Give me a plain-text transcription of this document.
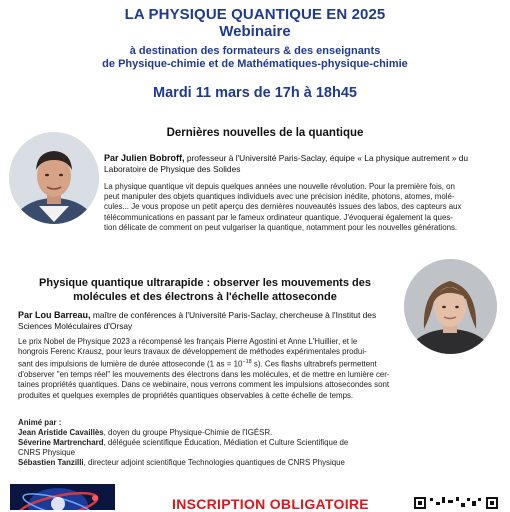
LA PHYSIQUE QUANTIQUE EN 2025
Webinaire
à destination des formateurs & des enseignants
de Physique-chimie et de Mathématiques-physique-chimie
Mardi 11 mars de 17h à 18h45
Dernières nouvelles de la quantique
Par Julien Bobroff, professeur à l'Université Paris-Saclay, équipe « La physique autrement » du
Laboratoire de Physique des Solides
La physique quantique vit depuis quelques années une nouvelle révolution. Pour la première fois, on
peut manipuler des objets quantiques individuels avec une précision inédite, photons, atomes, molé-
cules... Je vous propose un petit aperçu des dernières nouveautés issues des labos, des capteurs aux
télécommunications en passant par le fameux ordinateur quantique. J'évoquerai également la ques-
tion délicate de comment on peut vulgariser la quantique, notamment pour les nouvelles générations.
Physique quantique ultrarapide : observer les mouvements des
molécules et des électrons à l'échelle attoseconde
Par Lou Barreau, maître de conférences à l'Université Paris-Saclay, chercheuse à l'Institut des
Sciences Moléculaires d'Orsay
Le prix Nobel de Physique 2023 a récompensé les français Pierre Agostini et Anne L'Huillier, et le
hongrois Ferenc Krausz, pour leurs travaux de développement de méthodes expérimentales produi-
sant des impulsions de lumière de durée attoseconde (1 as = $10^{-18}$ s). Ces flashs ultrabrefs permettent
d'observer "en temps réel" les mouvements des électrons dans les molécules, et de mettre en lumière cer-
taines propriétés quantiques. Dans ce webinaire, nous verrons comment les impulsions attosecondes sont
produites et quelques exemples de propriétés quantiques observables à cette échelle de temps.
Animé par :
Jean Aristide Cavaillès, doyen du groupe Physique-Chimie de l'IGÉSR.
Séverine Martrenchard, déléguée scientifique Éducation, Médiation et Culture Scientifique de
CNRS Physique
Sébastien Tanzilli, directeur adjoint scientifique Technologies quantiques de CNRS Physique
INSCRIPTION OBLIGATOIRE
